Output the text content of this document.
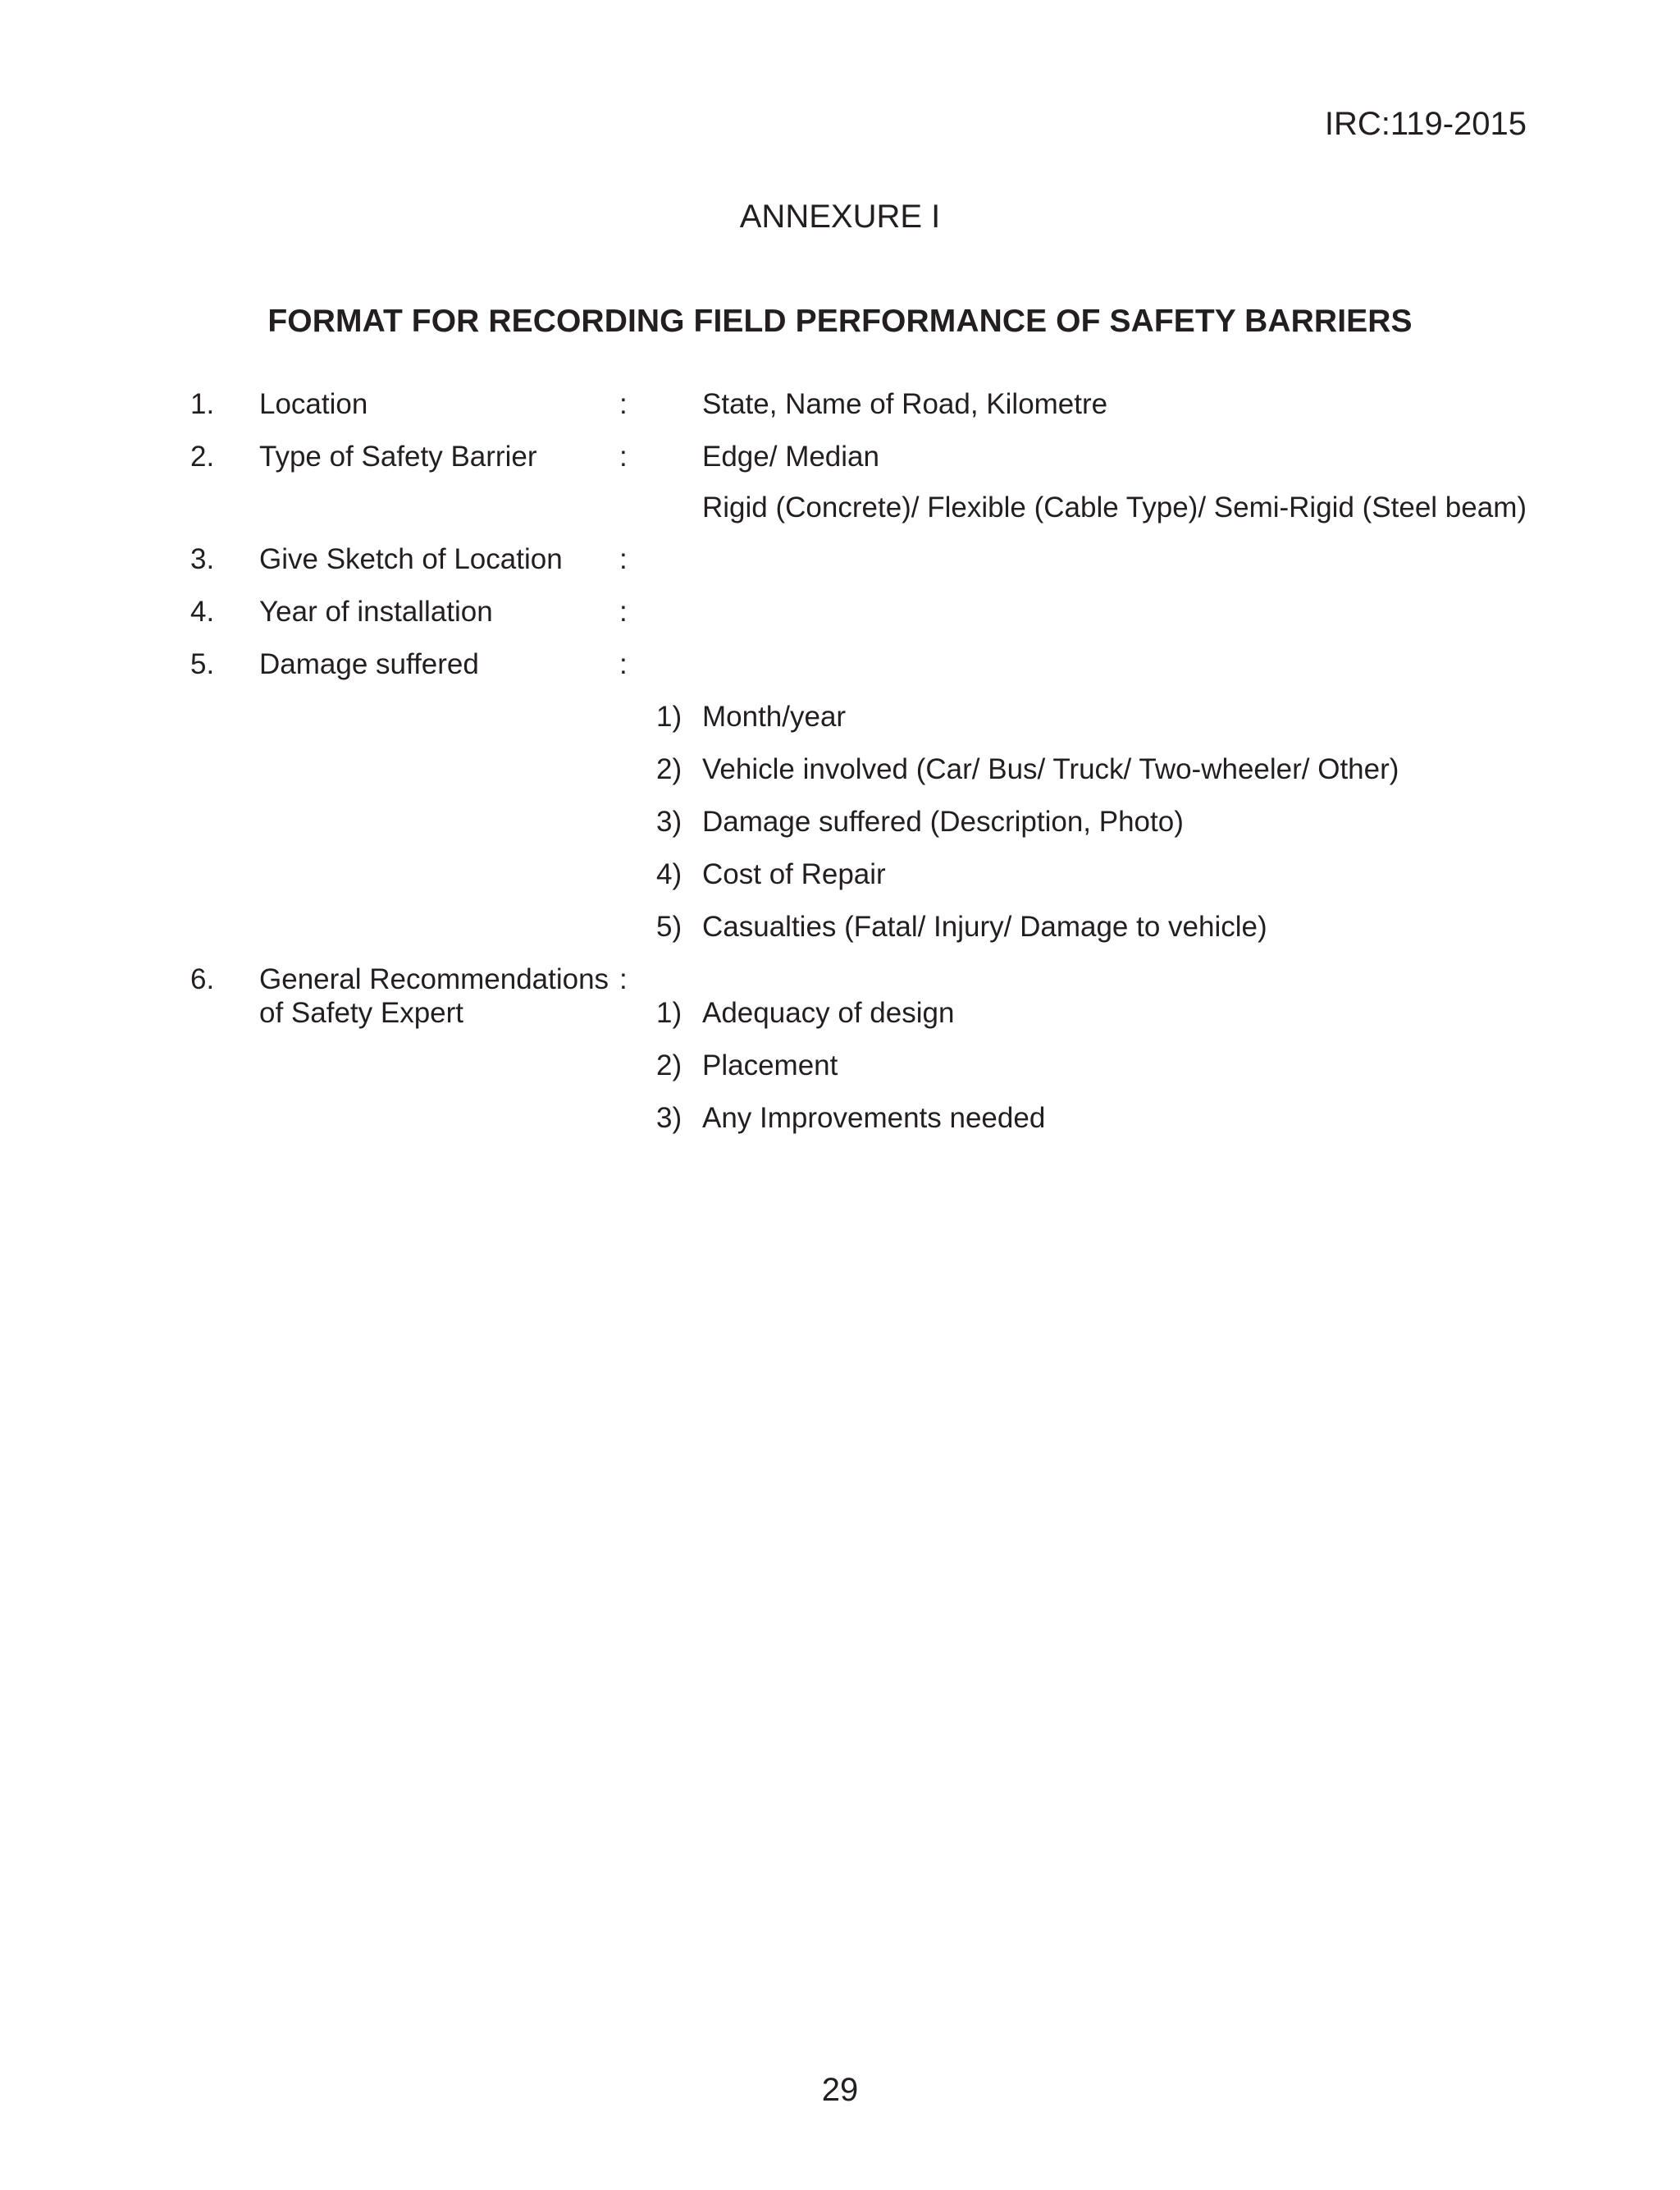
IRC:119-2015
ANNEXURE I
FORMAT FOR RECORDING FIELD PERFORMANCE OF SAFETY BARRIERS
1. Location	:	State, Name of Road, Kilometre
2. Type of Safety Barrier	:	Edge/ Median
Rigid (Concrete)/ Flexible (Cable Type)/ Semi-Rigid (Steel beam)
3. Give Sketch of Location :
4. Year of installation	:
5. Damage suffered	:
1) Month/year
2) Vehicle involved (Car/ Bus/ Truck/ Two-wheeler/ Other)
3) Damage suffered (Description, Photo)
4) Cost of Repair
5) Casualties (Fatal/ Injury/ Damage to vehicle)
6. General Recommendations :
of Safety Expert	1) Adequacy of design
2) Placement
3) Any Improvements needed
29
